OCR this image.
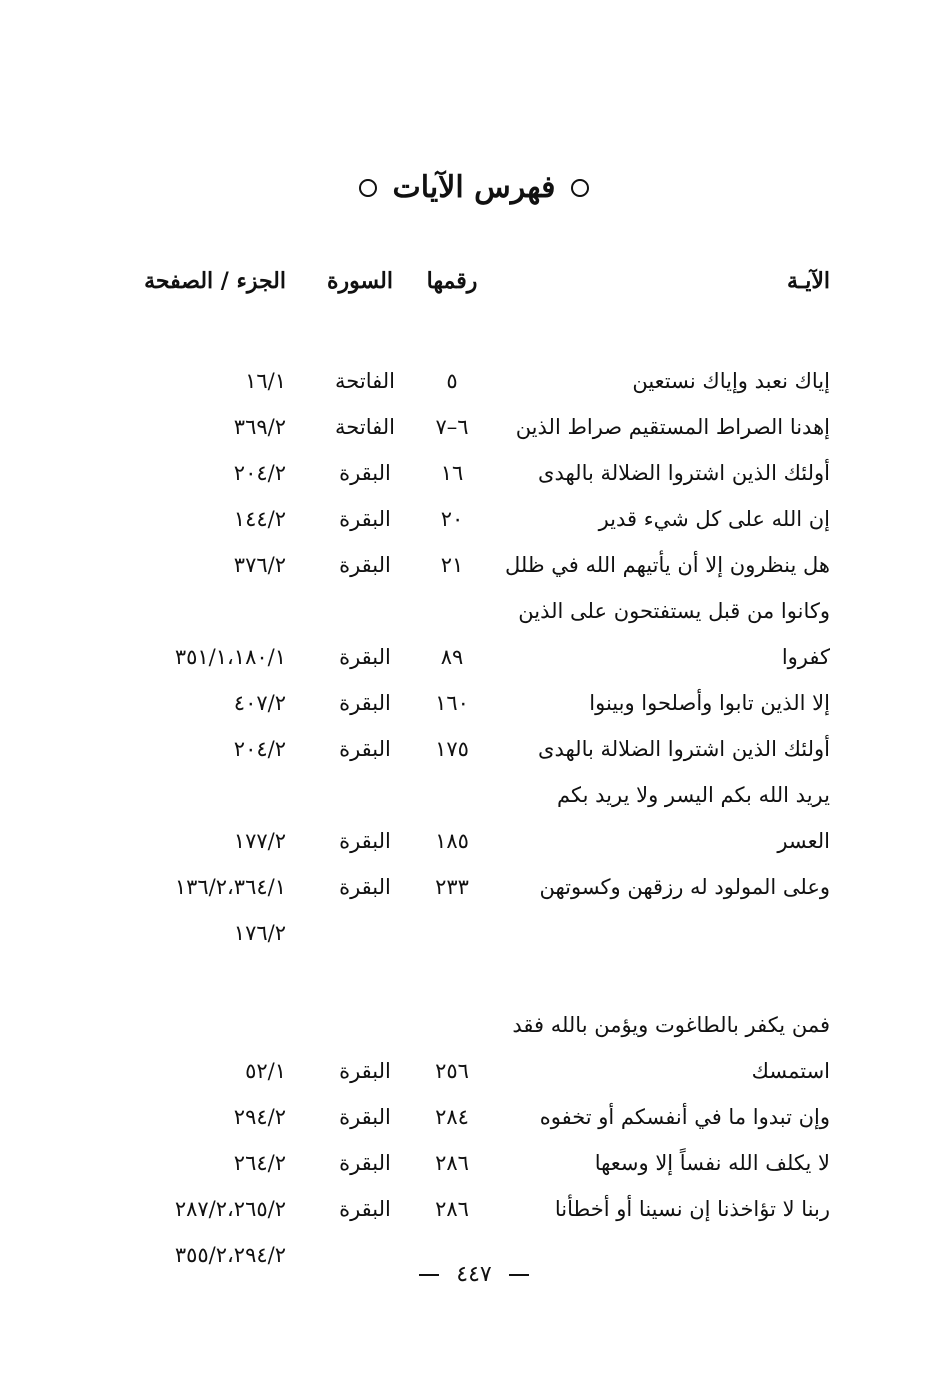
فهرس الآيات
الآيـة
رقمها
السورة
الجزء / الصفحة
إياك نعبد وإياك نستعين
٥
الفاتحة
١٦/١
إهدنا الصراط المستقيم صراط الذين
٦–٧
الفاتحة
٣٦٩/٢
أولئك الذين اشتروا الضلالة بالهدى
١٦
البقرة
٢٠٤/٢
إن الله على كل شيء قدير
٢٠
البقرة
١٤٤/٢
هل ينظرون إلا أن يأتيهم الله في ظلل
٢١
البقرة
٣٧٦/٢
وكانوا من قبل يستفتحون على الذين
كفروا
٨٩
البقرة
٣٥١/١،١٨٠/١
إلا الذين تابوا وأصلحوا وبينوا
١٦٠
البقرة
٤٠٧/٢
أولئك الذين اشتروا الضلالة بالهدى
١٧٥
البقرة
٢٠٤/٢
يريد الله بكم اليسر ولا يريد بكم
العسر
١٨٥
البقرة
١٧٧/٢
وعلى المولود له رزقهن وكسوتهن
٢٣٣
البقرة
١٣٦/٢،٣٦٤/١
١٧٦/٢
فمن يكفر بالطاغوت ويؤمن بالله فقد
استمسك
٢٥٦
البقرة
٥٢/١
وإن تبدوا ما في أنفسكم أو تخفوه
٢٨٤
البقرة
٢٩٤/٢
لا يكلف الله نفساً إلا وسعها
٢٨٦
البقرة
٢٦٤/٢
ربنا لا تؤاخذنا إن نسينا أو أخطأنا
٢٨٦
البقرة
٢٨٧/٢،٢٦٥/٢
٣٥٥/٢،٢٩٤/٢
٤٤٧
